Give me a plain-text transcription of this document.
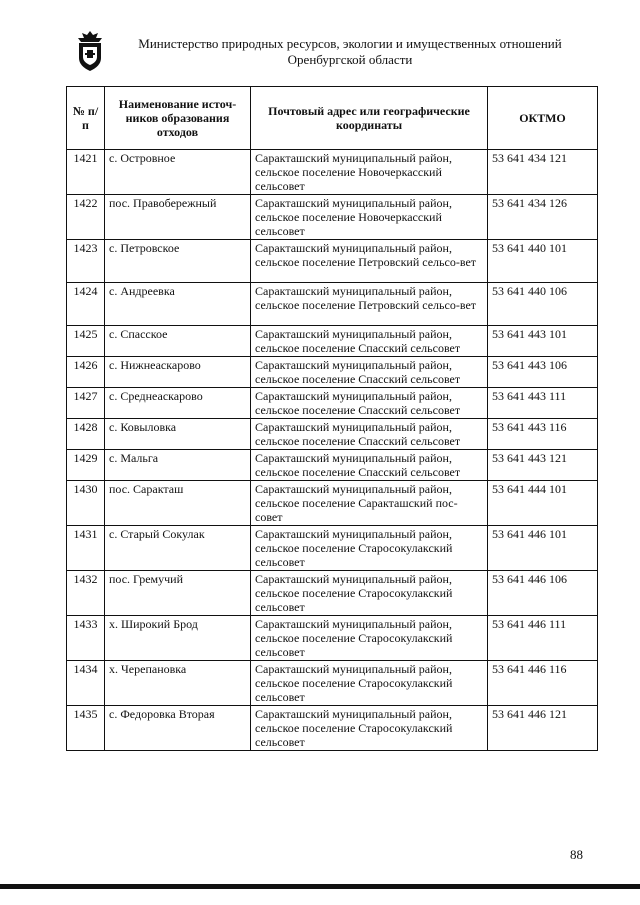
Министерство природных ресурсов, экологии и имущественных отношений
Оренбургской области
№ п/п	Наименование источ-ников образования отходов	Почтовый адрес или географические координаты	ОКТМО
1421	с. Островное	Саракташский муниципальный район, сельское поселение Новочеркасский сельсовет	53 641 434 121
1422	пос. Правобережный	Саракташский муниципальный район, сельское поселение Новочеркасский сельсовет	53 641 434 126
1423	с. Петровское	Саракташский муниципальный район, сельское поселение Петровский сельсо-вет	53 641 440 101
1424	с. Андреевка	Саракташский муниципальный район, сельское поселение Петровский сельсо-вет	53 641 440 106
1425	с. Спасское	Саракташский муниципальный район, сельское поселение Спасский сельсовет	53 641 443 101
1426	с. Нижнеаскарово	Саракташский муниципальный район, сельское поселение Спасский сельсовет	53 641 443 106
1427	с. Среднеаскарово	Саракташский муниципальный район, сельское поселение Спасский сельсовет	53 641 443 111
1428	с. Ковыловка	Саракташский муниципальный район, сельское поселение Спасский сельсовет	53 641 443 116
1429	с. Мальга	Саракташский муниципальный район, сельское поселение Спасский сельсовет	53 641 443 121
1430	пос. Саракташ	Саракташский муниципальный район, сельское поселение Саракташский пос-совет	53 641 444 101
1431	с. Старый Сокулак	Саракташский муниципальный район, сельское поселение Старосокулакский сельсовет	53 641 446 101
1432	пос. Гремучий	Саракташский муниципальный район, сельское поселение Старосокулакский сельсовет	53 641 446 106
1433	х. Широкий Брод	Саракташский муниципальный район, сельское поселение Старосокулакский сельсовет	53 641 446 111
1434	х. Черепановка	Саракташский муниципальный район, сельское поселение Старосокулакский сельсовет	53 641 446 116
1435	с. Федоровка Вторая	Саракташский муниципальный район, сельское поселение Старосокулакский сельсовет	53 641 446 121
88
